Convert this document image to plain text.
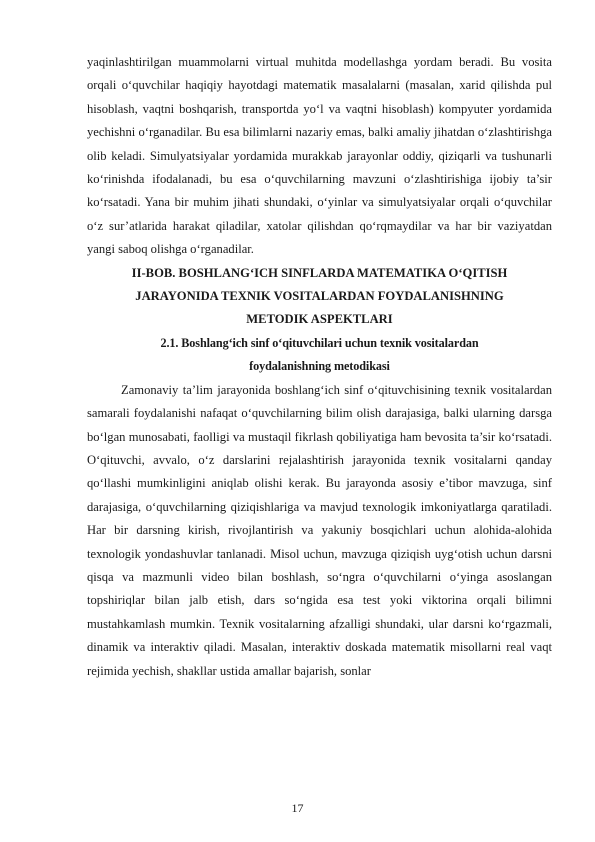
yaqinlashtirilgan muammolarni virtual muhitda modellashga yordam beradi. Bu vosita orqali o‘quvchilar haqiqiy hayotdagi matematik masalalarni (masalan, xarid qilishda pul hisoblash, vaqtni boshqarish, transportda yo‘l va vaqtni hisoblash) kompyuter yordamida yechishni o‘rganadilar. Bu esa bilimlarni nazariy emas, balki amaliy jihatdan o‘zlashtirishga olib keladi. Simulyatsiyalar yordamida murakkab jarayonlar oddiy, qiziqarli va tushunarli ko‘rinishda ifodalanadi, bu esa o‘quvchilarning mavzuni o‘zlashtirishiga ijobiy ta’sir ko‘rsatadi. Yana bir muhim jihati shundaki, o‘yinlar va simulyatsiyalar orqali o‘quvchilar o‘z sur’atlarida harakat qiladilar, xatolar qilishdan qo‘rqmaydilar va har bir vaziyatdan yangi saboq olishga o‘rganadilar.

II-BOB. BOSHLANG‘ICH SINFLARDA MATEMATIKA O‘QITISH
JARAYONIDA TEXNIK VOSITALARDAN FOYDALANISHNING
METODIK ASPEKTLARI
2.1. Boshlang‘ich sinf o‘qituvchilari uchun texnik vositalardan
foydalanishning metodikasi

Zamonaviy ta’lim jarayonida boshlang‘ich sinf o‘qituvchisining texnik vositalardan samarali foydalanishi nafaqat o‘quvchilarning bilim olish darajasiga, balki ularning darsga bo‘lgan munosabati, faolligi va mustaqil fikrlash qobiliyatiga ham bevosita ta’sir ko‘rsatadi. O‘qituvchi, avvalo, o‘z darslarini rejalashtirish jarayonida texnik vositalarni qanday qo‘llashi mumkinligini aniqlab olishi kerak. Bu jarayonda asosiy e’tibor mavzuga, sinf darajasiga, o‘quvchilarning qiziqishlariga va mavjud texnologik imkoniyatlarga qaratiladi. Har bir darsning kirish, rivojlantirish va yakuniy bosqichlari uchun alohida-alohida texnologik yondashuvlar tanlanadi. Misol uchun, mavzuga qiziqish uyg‘otish uchun darsni qisqa va mazmunli video bilan boshlash, so‘ngra o‘quvchilarni o‘yinga asoslangan topshiriqlar bilan jalb etish, dars so‘ngida esa test yoki viktorina orqali bilimni mustahkamlash mumkin. Texnik vositalarning afzalligi shundaki, ular darsni ko‘rgazmali, dinamik va interaktiv qiladi. Masalan, interaktiv doskada matematik misollarni real vaqt rejimida yechish, shakllar ustida amallar bajarish, sonlar

17
